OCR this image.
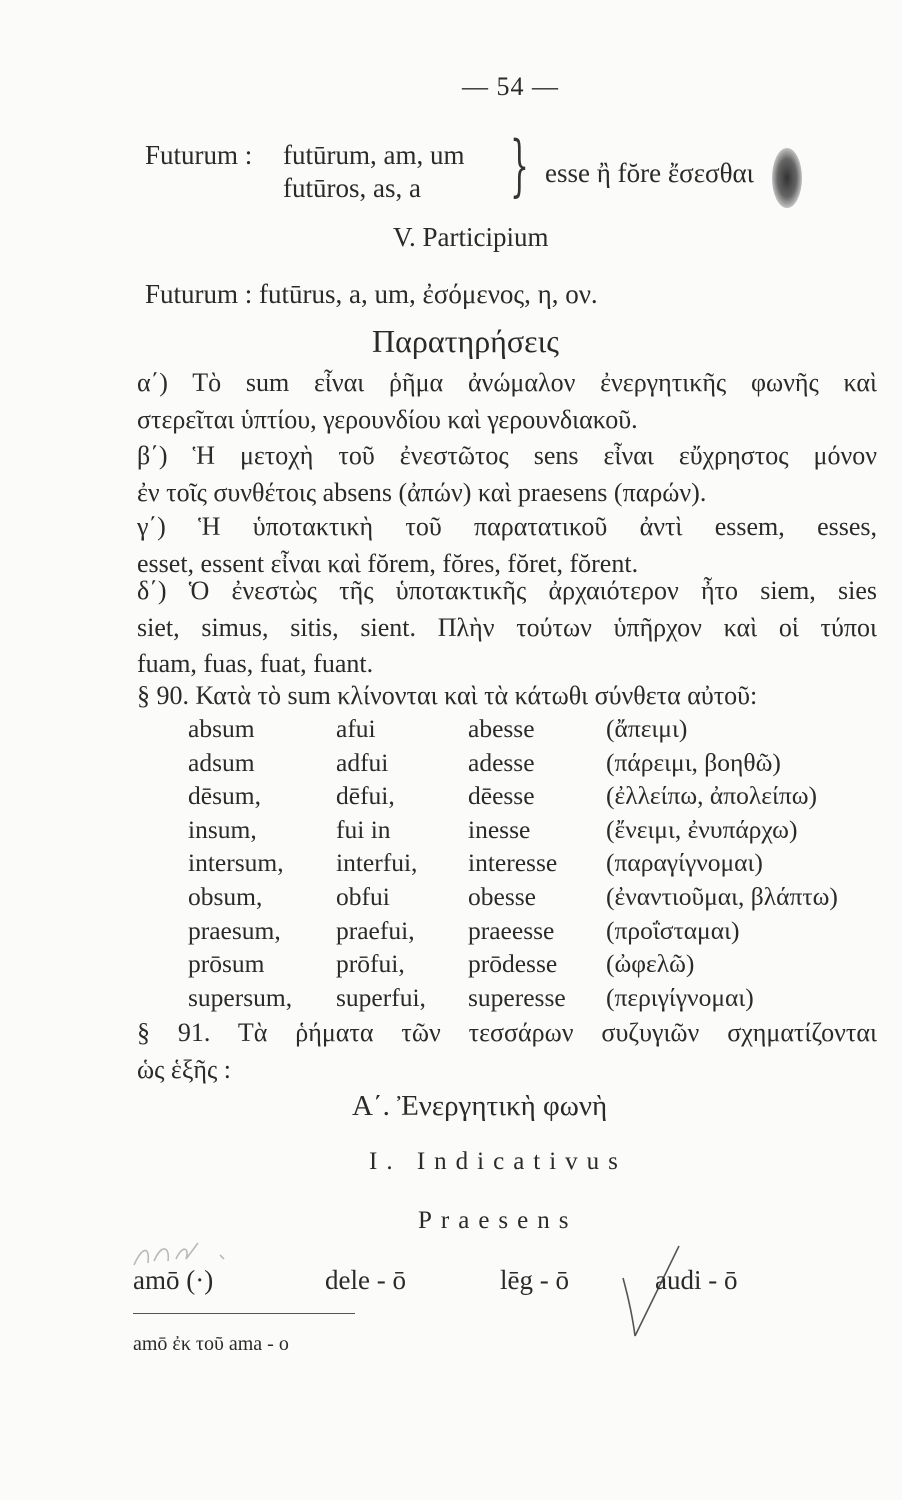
— 54 —
Futurum : futūrum, am, um
futūros, as, a } esse ἢ fŏre ἔσεσθαι
V. Participium
Futurum : futūrus, a, um, ἐσόμενος, η, ον.
Παρατηρήσεις
α΄) Τὸ sum εἶναι ῥῆμα ἀνώμαλον ἐνεργητικῆς φωνῆς καὶ
στερεῖται ὑπτίου, γερουνδίου καὶ γερουνδιακοῦ.
β΄) Ἡ μετοχὴ τοῦ ἐνεστῶτος sens εἶναι εὔχρηστος μόνον
ἐν τοῖς συνθέτοις absens (ἀπών) καὶ praesens (παρών).
γ΄) Ἡ ὑποτακτικὴ τοῦ παρατατικοῦ ἀντὶ essem, esses,
esset, essent εἶναι καὶ fŏrem, fŏres, fŏret, fŏrent.
δ΄) Ὁ ἐνεστὼς τῆς ὑποτακτικῆς ἀρχαιότερον ἦτο siem, sies
siet, simus, sitis, sient. Πλὴν τούτων ὑπῆρχον καὶ οἱ τύποι
fuam, fuas, fuat, fuant.
§ 90. Κατὰ τὸ sum κλίνονται καὶ τὰ κάτωθι σύνθετα αὐτοῦ:
absum	afui	abesse	(ἄπειμι)
adsum	adfui	adesse	(πάρειμι, βοηθῶ)
dēsum,	dēfui,	dēesse	(ἐλλείπω, ἀπολείπω)
insum,	fui in	inesse	(ἔνειμι, ἐνυπάρχω)
intersum, interfui, interesse (παραγίγνομαι)
obsum,	obfui	obesse	(ἐναντιοῦμαι, βλάπτω)
praesum, praefui, praeesse (προΐσταμαι)
prōsum	prōfui, prōdesse (ὠφελῶ)
supersum, superfui, superesse (περιγίγνομαι)
§ 91. Τὰ ῥήματα τῶν τεσσάρων συζυγιῶν σχηματίζονται
ὡς ἑξῆς :
Α΄. Ἐνεργητικὴ φωνὴ
I. Indicativus
Praesens
amō (·)	dele - ō	lēg - ō	audi - ō
amō ἐκ τοῦ ama - o
